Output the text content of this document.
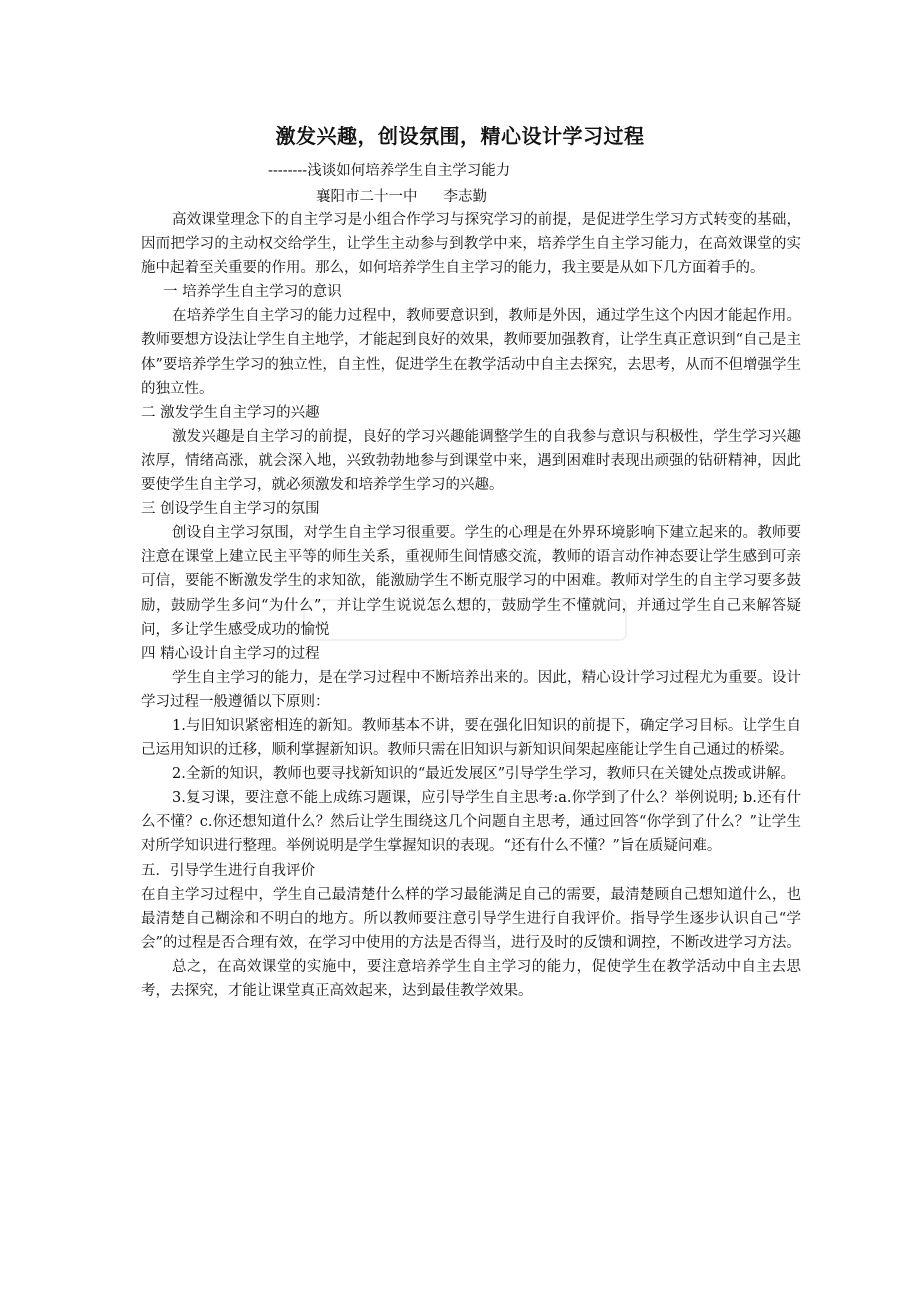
激发兴趣，创设氛围，精心设计学习过程
--------浅谈如何培养学生自主学习能力
襄阳市二十一中 李志勤

高效课堂理念下的自主学习是小组合作学习与探究学习的前提，是促进学生学习方式转变的基础，因而把学习的主动权交给学生，让学生主动参与到教学中来，培养学生自主学习能力，在高效课堂的实施中起着至关重要的作用。那么，如何培养学生自主学习的能力，我主要是从如下几方面着手的。

一 培养学生自主学习的意识

在培养学生自主学习的能力过程中，教师要意识到，教师是外因，通过学生这个内因才能起作用。教师要想方设法让学生自主地学，才能起到良好的效果，教师要加强教育，让学生真正意识到“自己是主体”要培养学生学习的独立性，自主性，促进学生在教学活动中自主去探究，去思考，从而不但增强学生的独立性。

二 激发学生自主学习的兴趣

激发兴趣是自主学习的前提，良好的学习兴趣能调整学生的自我参与意识与积极性，学生学习兴趣浓厚，情绪高涨，就会深入地，兴致勃勃地参与到课堂中来，遇到困难时表现出顽强的钻研精神，因此要使学生自主学习，就必须激发和培养学生学习的兴趣。

三 创设学生自主学习的氛围

创设自主学习氛围，对学生自主学习很重要。学生的心理是在外界环境影响下建立起来的。教师要注意在课堂上建立民主平等的师生关系，重视师生间情感交流，教师的语言动作神态要让学生感到可亲可信，要能不断激发学生的求知欲，能激励学生不断克服学习的中困难。教师对学生的自主学习要多鼓励，鼓励学生多问“为什么”，并让学生说说怎么想的，鼓励学生不懂就问，并通过学生自己来解答疑问，多让学生感受成功的愉悦

四 精心设计自主学习的过程

学生自主学习的能力，是在学习过程中不断培养出来的。因此，精心设计学习过程尤为重要。设计学习过程一般遵循以下原则：

1.与旧知识紧密相连的新知。教师基本不讲，要在强化旧知识的前提下，确定学习目标。让学生自己运用知识的迁移，顺利掌握新知识。教师只需在旧知识与新知识间架起座能让学生自己通过的桥梁。

2.全新的知识，教师也要寻找新知识的“最近发展区”引导学生学习，教师只在关键处点拨或讲解。

3.复习课，要注意不能上成练习题课，应引导学生自主思考:a.你学到了什么？举例说明; b.还有什么不懂？c.你还想知道什么？然后让学生围绕这几个问题自主思考，通过回答“你学到了什么？”让学生对所学知识进行整理。举例说明是学生掌握知识的表现。“还有什么不懂？”旨在质疑问难。

五．引导学生进行自我评价

在自主学习过程中，学生自己最清楚什么样的学习最能满足自己的需要，最清楚顾自己想知道什么，也最清楚自己糊涂和不明白的地方。所以教师要注意引导学生进行自我评价。指导学生逐步认识自己“学会”的过程是否合理有效，在学习中使用的方法是否得当，进行及时的反馈和调控，不断改进学习方法。

总之，在高效课堂的实施中，要注意培养学生自主学习的能力，促使学生在教学活动中自主去思考，去探究，才能让课堂真正高效起来，达到最佳教学效果。
